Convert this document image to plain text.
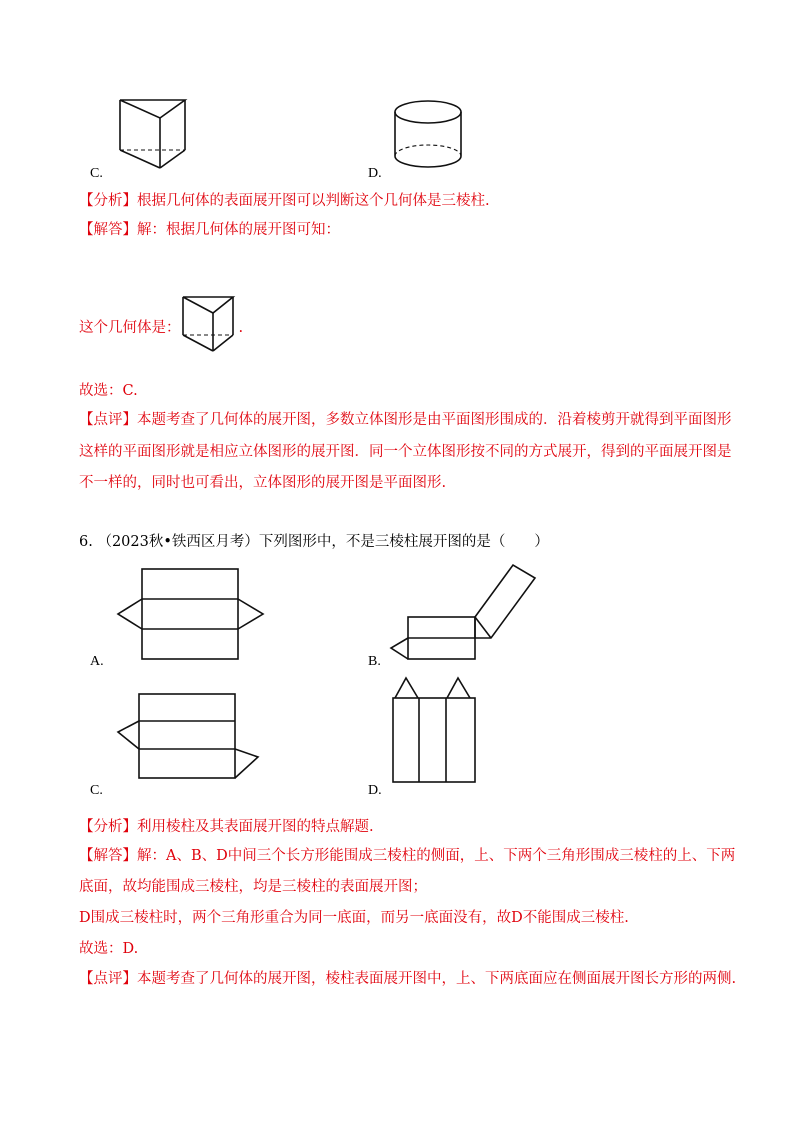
C.	D.
【分析】根据几何体的表面展开图可以判断这个几何体是三棱柱.
【解答】解：根据几何体的展开图可知：
这个几何体是：	.
故选：C.
【点评】本题考查了几何体的展开图，多数立体图形是由平面图形围成的．沿着棱剪开就得到平面图形
这样的平面图形就是相应立体图形的展开图．同一个立体图形按不同的方式展开，得到的平面展开图是
不一样的，同时也可看出，立体图形的展开图是平面图形.
6. （2023秋•铁西区月考）下列图形中，不是三棱柱展开图的是（　　）
A.	B.
C.	D.
【分析】利用棱柱及其表面展开图的特点解题.
【解答】解：A、B、D中间三个长方形能围成三棱柱的侧面，上、下两个三角形围成三棱柱的上、下两
底面，故均能围成三棱柱，均是三棱柱的表面展开图；
D围成三棱柱时，两个三角形重合为同一底面，而另一底面没有，故D不能围成三棱柱.
故选：D.
【点评】本题考查了几何体的展开图，棱柱表面展开图中，上、下两底面应在侧面展开图长方形的两侧.
